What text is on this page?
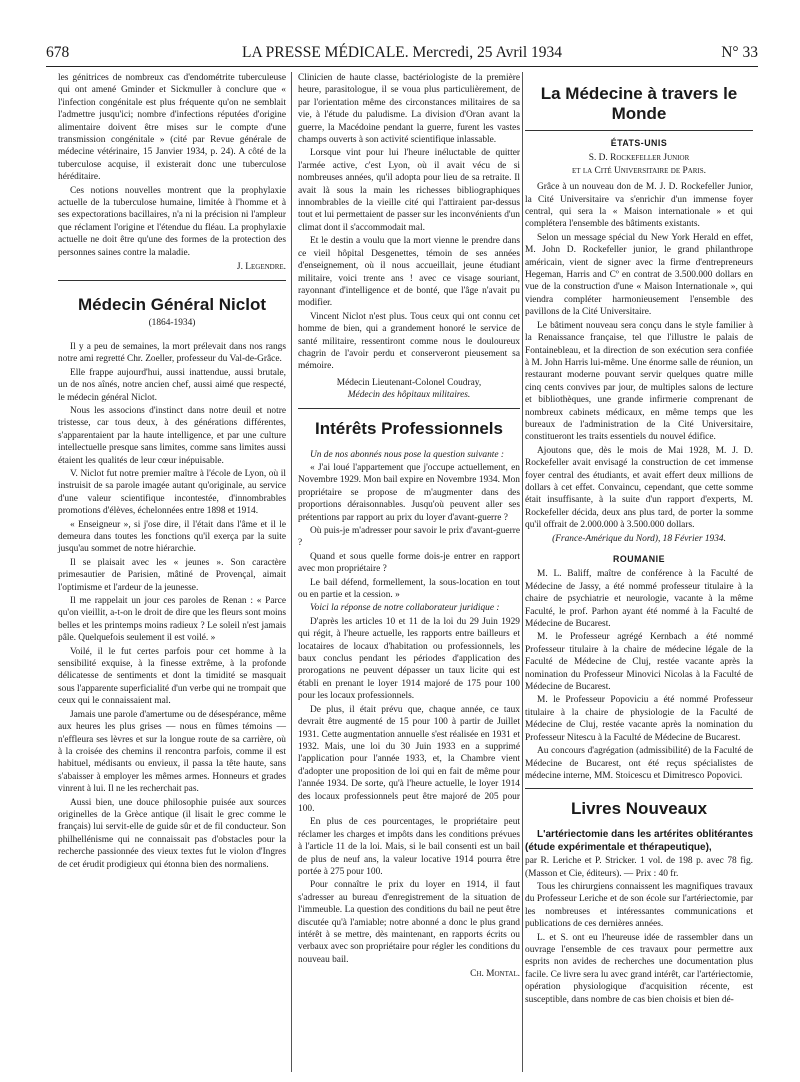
678	LA PRESSE MÉDICALE. Mercredi, 25 Avril 1934	N° 33

les génitrices de nombreux cas d'endométrite tuberculeuse qui ont amené Gminder et Sickmuller à conclure que « l'infection congénitale est plus fréquente qu'on ne semblait l'admettre jusqu'ici; nombre d'infections réputées d'origine alimentaire doivent être mises sur le compte d'une transmission congénitale » (cité par Revue générale de médecine vétérinaire, 15 Janvier 1934, p. 24). A côté de la tuberculose acquise, il existerait donc une tuberculose héréditaire.

Ces notions nouvelles montrent que la prophylaxie actuelle de la tuberculose humaine, limitée à l'homme et à ses expectorations bacillaires, n'a ni la précision ni l'ampleur que réclament l'origine et l'étendue du fléau. La prophylaxie actuelle ne doit être qu'une des formes de la protection des personnes saines contre la maladie.

J. Legendre.
Médecin Général Niclot
(1864-1934)

Il y a peu de semaines, la mort prélevait dans nos rangs notre ami regretté Chr. Zoeller, professeur du Val-de-Grâce.

Elle frappe aujourd'hui, aussi inattendue, aussi brutale, un de nos aînés, notre ancien chef, aussi aimé que respecté, le médecin général Niclot.

Nous les associons d'instinct dans notre deuil et notre tristesse, car tous deux, à des générations différentes, s'apparentaient par la haute intelligence, et par une culture intellectuelle presque sans limites, comme sans limites aussi étaient les qualités de leur cœur inépuisable.

V. Niclot fut notre premier maître à l'école de Lyon, où il instruisit de sa parole imagée autant qu'originale, au service d'une valeur scientifique incontestée, d'innombrables promotions d'élèves, échelonnées entre 1898 et 1914.

« Enseigneur », si j'ose dire, il l'était dans l'âme et il le demeura dans toutes les fonctions qu'il exerça par la suite jusqu'au sommet de notre hiérarchie.

Il se plaisait avec les « jeunes ». Son caractère primesautier de Parisien, mâtiné de Provençal, aimait l'optimisme et l'ardeur de la jeunesse.

Il me rappelait un jour ces paroles de Renan : « Parce qu'on vieillit, a-t-on le droit de dire que les fleurs sont moins belles et les printemps moins radieux ? Le soleil n'est jamais pâle. Quelquefois seulement il est voilé. »

Voilé, il le fut certes parfois pour cet homme à la sensibilité exquise, à la finesse extrême, à la profonde délicatesse de sentiments et dont la timidité se masquait sous l'apparente superficialité d'un verbe qui ne trompait que ceux qui le connaissaient mal.

Jamais une parole d'amertume ou de désespérance, même aux heures les plus grises — nous en fûmes témoins — n'effleura ses lèvres et sur la longue route de sa carrière, où à la croisée des chemins il rencontra parfois, comme il est habituel, médisants ou envieux, il passa la tête haute, sans s'abaisser à employer les mêmes armes. Honneurs et grades vinrent à lui. Il ne les recherchait pas.

Aussi bien, une douce philosophie puisée aux sources originelles de la Grèce antique (il lisait le grec comme le français) lui servit-elle de guide sûr et de fil conducteur. Son philhellénisme qui ne connaissait pas d'obstacles pour la recherche passionnée des vieux textes fut le violon d'Ingres de cet érudit prodigieux qui étonna bien des normaliens.

Clinicien de haute classe, bactériologiste de la première heure, parasitologue, il se voua plus particulièrement, de par l'orientation même des circonstances militaires de sa vie, à l'étude du paludisme. La division d'Oran avant la guerre, la Macédoine pendant la guerre, furent les vastes champs ouverts à son activité scientifique inlassable.

Lorsque vint pour lui l'heure inéluctable de quitter l'armée active, c'est Lyon, où il avait vécu de si nombreuses années, qu'il adopta pour lieu de sa retraite. Il avait là sous la main les richesses bibliographiques innombrables de la vieille cité qui l'attiraient par-dessus tout et lui permettaient de passer sur les inconvénients d'un climat dont il s'accommodait mal.

Et le destin a voulu que la mort vienne le prendre dans ce vieil hôpital Desgenettes, témoin de ses années d'enseignement, où il nous accueillait, jeune étudiant militaire, voici trente ans ! avec ce visage souriant, rayonnant d'intelligence et de bonté, que l'âge n'avait pu modifier.

Vincent Niclot n'est plus. Tous ceux qui ont connu cet homme de bien, qui a grandement honoré le service de santé militaire, ressentiront comme nous le douloureux chagrin de l'avoir perdu et conserveront pieusement sa mémoire.

Médecin Lieutenant-Colonel Coudray,
Médecin des hôpitaux militaires.
Intérêts Professionnels

Un de nos abonnés nous pose la question suivante :

« J'ai loué l'appartement que j'occupe actuellement, en Novembre 1929. Mon bail expire en Novembre 1934. Mon propriétaire se propose de m'augmenter dans des proportions déraisonnables. Jusqu'où peuvent aller ses prétentions par rapport au prix du loyer d'avant-guerre ?

Où puis-je m'adresser pour savoir le prix d'avant-guerre ?

Quand et sous quelle forme dois-je entrer en rapport avec mon propriétaire ?

Le bail défend, formellement, la sous-location en tout ou en partie et la cession. »

Voici la réponse de notre collaborateur juridique :

D'après les articles 10 et 11 de la loi du 29 Juin 1929 qui régit, à l'heure actuelle, les rapports entre bailleurs et locataires de locaux d'habitation ou professionnels, les baux conclus pendant les périodes d'application des prorogations ne peuvent dépasser un taux licite qui est établi en prenant le loyer 1914 majoré de 175 pour 100 pour les locaux professionnels.

De plus, il était prévu que, chaque année, ce taux devrait être augmenté de 15 pour 100 à partir de Juillet 1931. Cette augmentation annuelle s'est réalisée en 1931 et 1932. Mais, une loi du 30 Juin 1933 en a supprimé l'application pour l'année 1933, et, la Chambre vient d'adopter une proposition de loi qui en fait de même pour l'année 1934. De sorte, qu'à l'heure actuelle, le loyer 1914 des locaux professionnels peut être majoré de 205 pour 100.

En plus de ces pourcentages, le propriétaire peut réclamer les charges et impôts dans les conditions prévues à l'article 11 de la loi. Mais, si le bail consenti est un bail de plus de neuf ans, la valeur locative 1914 pourra être portée à 275 pour 100.

Pour connaître le prix du loyer en 1914, il faut s'adresser au bureau d'enregistrement de la situation de l'immeuble. La question des conditions du bail ne peut être discutée qu'à l'amiable; notre abonné a donc le plus grand intérêt à se mettre, dès maintenant, en rapports écrits ou verbaux avec son propriétaire pour régler les conditions du nouveau bail.

Ch. Montal.
La Médecine à travers le Monde
ÉTATS-UNIS
S. D. Rockefeller Junior
et la Cité Universitaire de Paris.

Grâce à un nouveau don de M. J. D. Rockefeller Junior, la Cité Universitaire va s'enrichir d'un immense foyer central, qui sera la « Maison internationale » et qui complétera l'ensemble des bâtiments existants.

Selon un message spécial du New York Herald en effet, M. John D. Rockefeller junior, le grand philanthrope américain, vient de signer avec la firme d'entrepreneurs Hegeman, Harris and Cº en contrat de 3.500.000 dollars en vue de la construction d'une « Maison Internationale », qui viendra compléter harmonieusement l'ensemble des pavillons de la Cité Universitaire.

Le bâtiment nouveau sera conçu dans le style familier à la Renaissance française, tel que l'illustre le palais de Fontainebleau, et la direction de son exécution sera confiée à M. John Harris lui-même. Une énorme salle de réunion, un restaurant moderne pouvant servir quelques quatre mille cinq cents convives par jour, de multiples salons de lecture et bibliothèques, une grande infirmerie comprenant de nombreux cabinets médicaux, en même temps que les bureaux de l'administration de la Cité Universitaire, constitueront les traits essentiels du nouvel édifice.

Ajoutons que, dès le mois de Mai 1928, M. J. D. Rockefeller avait envisagé la construction de cet immense foyer central des étudiants, et avait effert deux millions de dollars à cet effet. Convaincu, cependant, que cette somme était insuffisante, à la suite d'un rapport d'experts, M. Rockefeller décida, deux ans plus tard, de porter la somme qu'il offrait de 2.000.000 à 3.500.000 dollars.

(France-Amérique du Nord), 18 Février 1934.
ROUMANIE

M. L. Baliff, maître de conférence à la Faculté de Médecine de Jassy, a été nommé professeur titulaire à la chaire de psychiatrie et neurologie, vacante à la même Faculté, le prof. Parhon ayant été nommé à la Faculté de Médecine de Bucarest.

M. le Professeur agrégé Kernbach a été nommé Professeur titulaire à la chaire de médecine légale de la Faculté de Médecine de Cluj, restée vacante après la nomination du Professeur Minovici Nicolas à la Faculté de Médecine de Bucarest.

M. le Professeur Popoviciu a été nommé Professeur titulaire à la chaire de physiologie de la Faculté de Médecine de Cluj, restée vacante après la nomination du Professeur Nitescu à la Faculté de Médecine de Bucarest.

Au concours d'agrégation (admissibilité) de la Faculté de Médecine de Bucarest, ont été reçus spécialistes de médecine interne, MM. Stoicescu et Dimitresco Popovici.

Livres Nouveaux

L'artériectomie dans les artérites oblitérantes (étude expérimentale et thérapeutique),

par R. Leriche et P. Stricker. 1 vol. de 198 p. avec 78 fig. (Masson et Cie, éditeurs). — Prix : 40 fr.

Tous les chirurgiens connaissent les magnifiques travaux du Professeur Leriche et de son école sur l'artériectomie, par les nombreuses et intéressantes communications et publications de ces dernières années.

L. et S. ont eu l'heureuse idée de rassembler dans un ouvrage l'ensemble de ces travaux pour permettre aux esprits non avides de recherches une documentation plus facile. Ce livre sera lu avec grand intérêt, car l'artériectomie, opération physiologique d'acquisition récente, est susceptible, dans nombre de cas bien choisis et bien dé-
